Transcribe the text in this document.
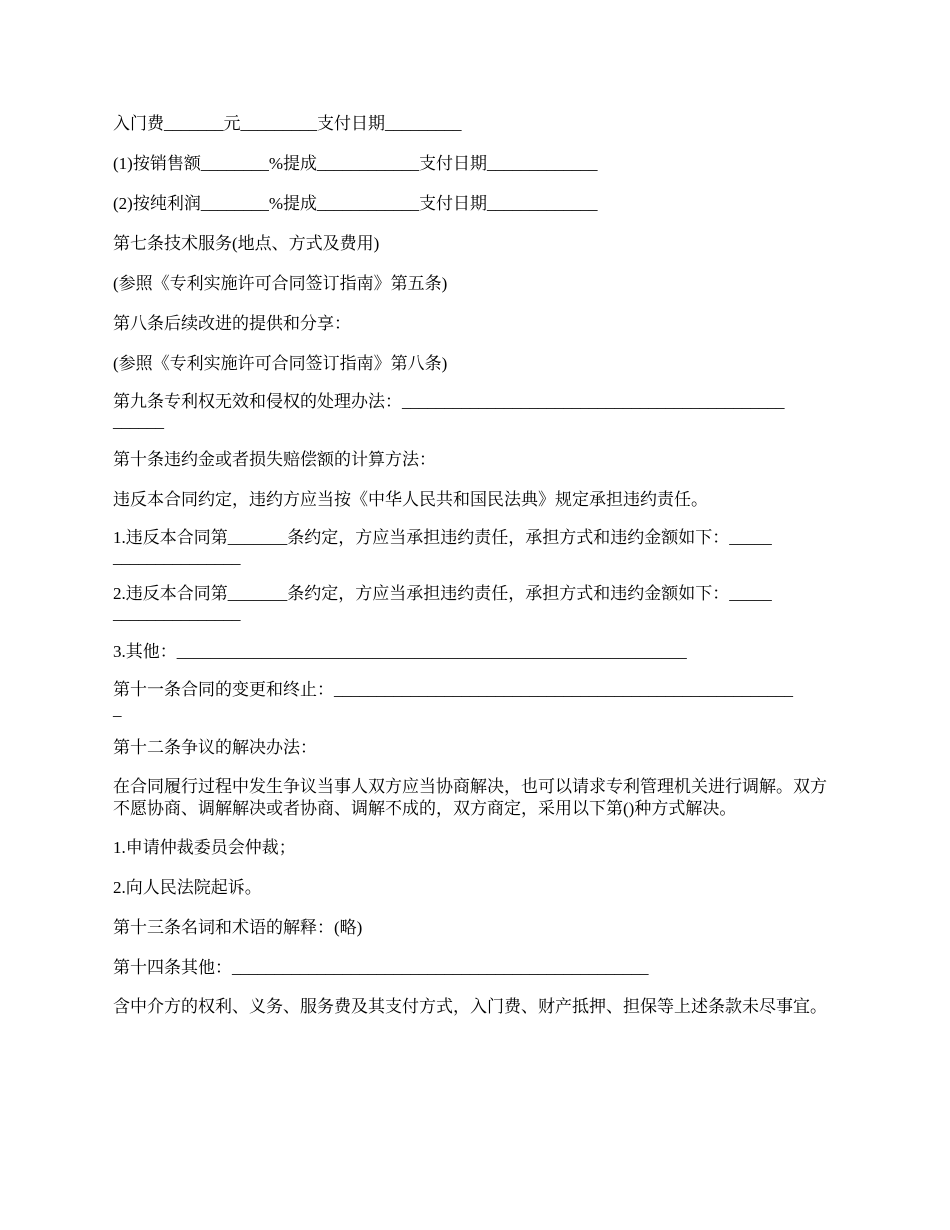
入门费_______元_________支付日期_________

(1)按销售额________%提成____________支付日期_____________

(2)按纯利润________%提成____________支付日期_____________

第七条技术服务(地点、方式及费用)

(参照《专利实施许可合同签订指南》第五条)

第八条后续改进的提供和分享：

(参照《专利实施许可合同签订指南》第八条)

第九条专利权无效和侵权的处理办法：_____________________________________________
______

第十条违约金或者损失赔偿额的计算方法：

违反本合同约定，违约方应当按《中华人民共和国民法典》规定承担违约责任。

1.违反本合同第_______条约定，方应当承担违约责任，承担方式和违约金额如下：_____
_______________

2.违反本合同第_______条约定，方应当承担违约责任，承担方式和违约金额如下：_____
_______________

3.其他：____________________________________________________________

第十一条合同的变更和终止：______________________________________________________
_

第十二条争议的解决办法：

在合同履行过程中发生争议当事人双方应当协商解决，也可以请求专利管理机关进行调解。双方不愿协商、调解解决或者协商、调解不成的，双方商定，采用以下第()种方式解决。

1.申请仲裁委员会仲裁；

2.向人民法院起诉。

第十三条名词和术语的解释：(略)

第十四条其他：_________________________________________________

含中介方的权利、义务、服务费及其支付方式，入门费、财产抵押、担保等上述条款未尽事宜。
